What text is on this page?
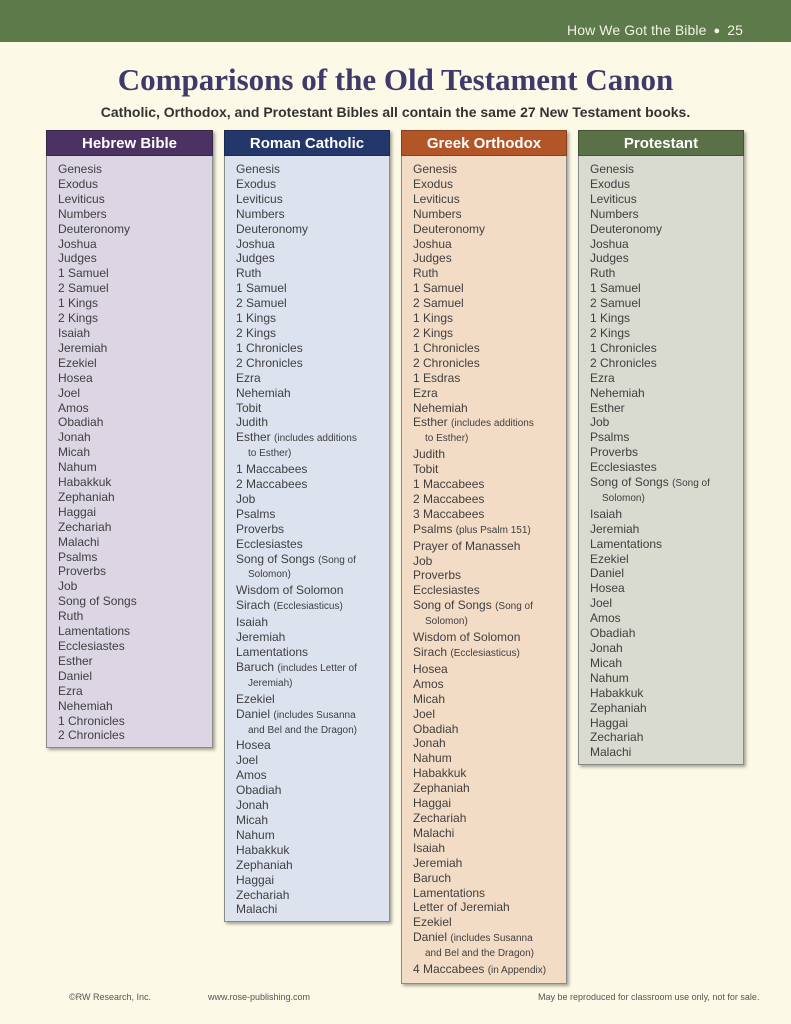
How We Got the Bible ● 25
Comparisons of the Old Testament Canon
Catholic, Orthodox, and Protestant Bibles all contain the same 27 New Testament books.
Hebrew Bible
Genesis
Exodus
Leviticus
Numbers
Deuteronomy
Joshua
Judges
1 Samuel
2 Samuel
1 Kings
2 Kings
Isaiah
Jeremiah
Ezekiel
Hosea
Joel
Amos
Obadiah
Jonah
Micah
Nahum
Habakkuk
Zephaniah
Haggai
Zechariah
Malachi
Psalms
Proverbs
Job
Song of Songs
Ruth
Lamentations
Ecclesiastes
Esther
Daniel
Ezra
Nehemiah
1 Chronicles
2 Chronicles
Roman Catholic
Genesis
Exodus
Leviticus
Numbers
Deuteronomy
Joshua
Judges
Ruth
1 Samuel
2 Samuel
1 Kings
2 Kings
1 Chronicles
2 Chronicles
Ezra
Nehemiah
Tobit
Judith
Esther (includes additions
to Esther)
1 Maccabees
2 Maccabees
Job
Psalms
Proverbs
Ecclesiastes
Song of Songs (Song of
Solomon)
Wisdom of Solomon
Sirach (Ecclesiasticus)
Isaiah
Jeremiah
Lamentations
Baruch (includes Letter of
Jeremiah)
Ezekiel
Daniel (includes Susanna
and Bel and the Dragon)
Hosea
Joel
Amos
Obadiah
Jonah
Micah
Nahum
Habakkuk
Zephaniah
Haggai
Zechariah
Malachi
Greek Orthodox
Genesis
Exodus
Leviticus
Numbers
Deuteronomy
Joshua
Judges
Ruth
1 Samuel
2 Samuel
1 Kings
2 Kings
1 Chronicles
2 Chronicles
1 Esdras
Ezra
Nehemiah
Esther (includes additions
to Esther)
Judith
Tobit
1 Maccabees
2 Maccabees
3 Maccabees
Psalms (plus Psalm 151)
Prayer of Manasseh
Job
Proverbs
Ecclesiastes
Song of Songs (Song of
Solomon)
Wisdom of Solomon
Sirach (Ecclesiasticus)
Hosea
Amos
Micah
Joel
Obadiah
Jonah
Nahum
Habakkuk
Zephaniah
Haggai
Zechariah
Malachi
Isaiah
Jeremiah
Baruch
Lamentations
Letter of Jeremiah
Ezekiel
Daniel (includes Susanna
and Bel and the Dragon)
4 Maccabees (in Appendix)
Protestant
Genesis
Exodus
Leviticus
Numbers
Deuteronomy
Joshua
Judges
Ruth
1 Samuel
2 Samuel
1 Kings
2 Kings
1 Chronicles
2 Chronicles
Ezra
Nehemiah
Esther
Job
Psalms
Proverbs
Ecclesiastes
Song of Songs (Song of
Solomon)
Isaiah
Jeremiah
Lamentations
Ezekiel
Daniel
Hosea
Joel
Amos
Obadiah
Jonah
Micah
Nahum
Habakkuk
Zephaniah
Haggai
Zechariah
Malachi
©RW Research, Inc.	www.rose-publishing.com	May be reproduced for classroom use only, not for sale.
